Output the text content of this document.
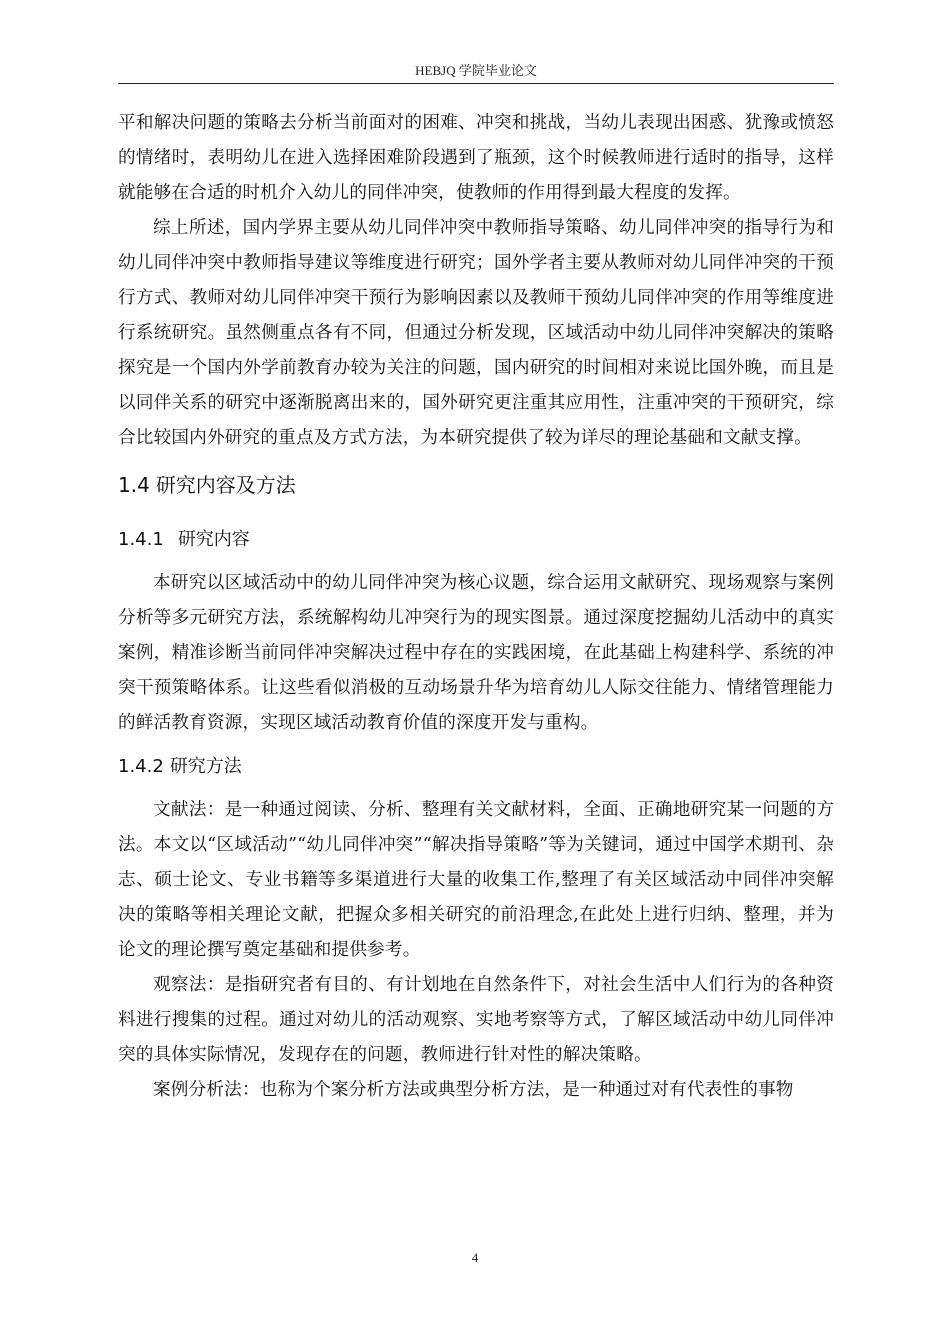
HEBJQ 学院毕业论文

平和解决问题的策略去分析当前面对的困难、冲突和挑战，当幼儿表现出困惑、犹豫或愤怒的情绪时，表明幼儿在进入选择困难阶段遇到了瓶颈，这个时候教师进行适时的指导，这样就能够在合适的时机介入幼儿的同伴冲突，使教师的作用得到最大程度的发挥。

综上所述，国内学界主要从幼儿同伴冲突中教师指导策略、幼儿同伴冲突的指导行为和幼儿同伴冲突中教师指导建议等维度进行研究；国外学者主要从教师对幼儿同伴冲突的干预行方式、教师对幼儿同伴冲突干预行为影响因素以及教师干预幼儿同伴冲突的作用等维度进行系统研究。虽然侧重点各有不同，但通过分析发现，区域活动中幼儿同伴冲突解决的策略探究是一个国内外学前教育办较为关注的问题，国内研究的时间相对来说比国外晚，而且是以同伴关系的研究中逐渐脱离出来的，国外研究更注重其应用性，注重冲突的干预研究，综合比较国内外研究的重点及方式方法，为本研究提供了较为详尽的理论基础和文献支撑。

1.4 研究内容及方法
1.4.1 研究内容

本研究以区域活动中的幼儿同伴冲突为核心议题，综合运用文献研究、现场观察与案例分析等多元研究方法，系统解构幼儿冲突行为的现实图景。通过深度挖掘幼儿活动中的真实案例，精准诊断当前同伴冲突解决过程中存在的实践困境，在此基础上构建科学、系统的冲突干预策略体系。让这些看似消极的互动场景升华为培育幼儿人际交往能力、情绪管理能力的鲜活教育资源，实现区域活动教育价值的深度开发与重构。

1.4.2 研究方法

文献法：是一种通过阅读、分析、整理有关文献材料，全面、正确地研究某一问题的方法。本文以“区域活动”“幼儿同伴冲突”“解决指导策略”等为关键词，通过中国学术期刊、杂志、硕士论文、专业书籍等多渠道进行大量的收集工作,整理了有关区域活动中同伴冲突解决的策略等相关理论文献，把握众多相关研究的前沿理念,在此处上进行归纳、整理，并为论文的理论撰写奠定基础和提供参考。

观察法：是指研究者有目的、有计划地在自然条件下，对社会生活中人们行为的各种资料进行搜集的过程。通过对幼儿的活动观察、实地考察等方式，了解区域活动中幼儿同伴冲突的具体实际情况，发现存在的问题，教师进行针对性的解决策略。

案例分析法：也称为个案分析方法或典型分析方法，是一种通过对有代表性的事物

4
